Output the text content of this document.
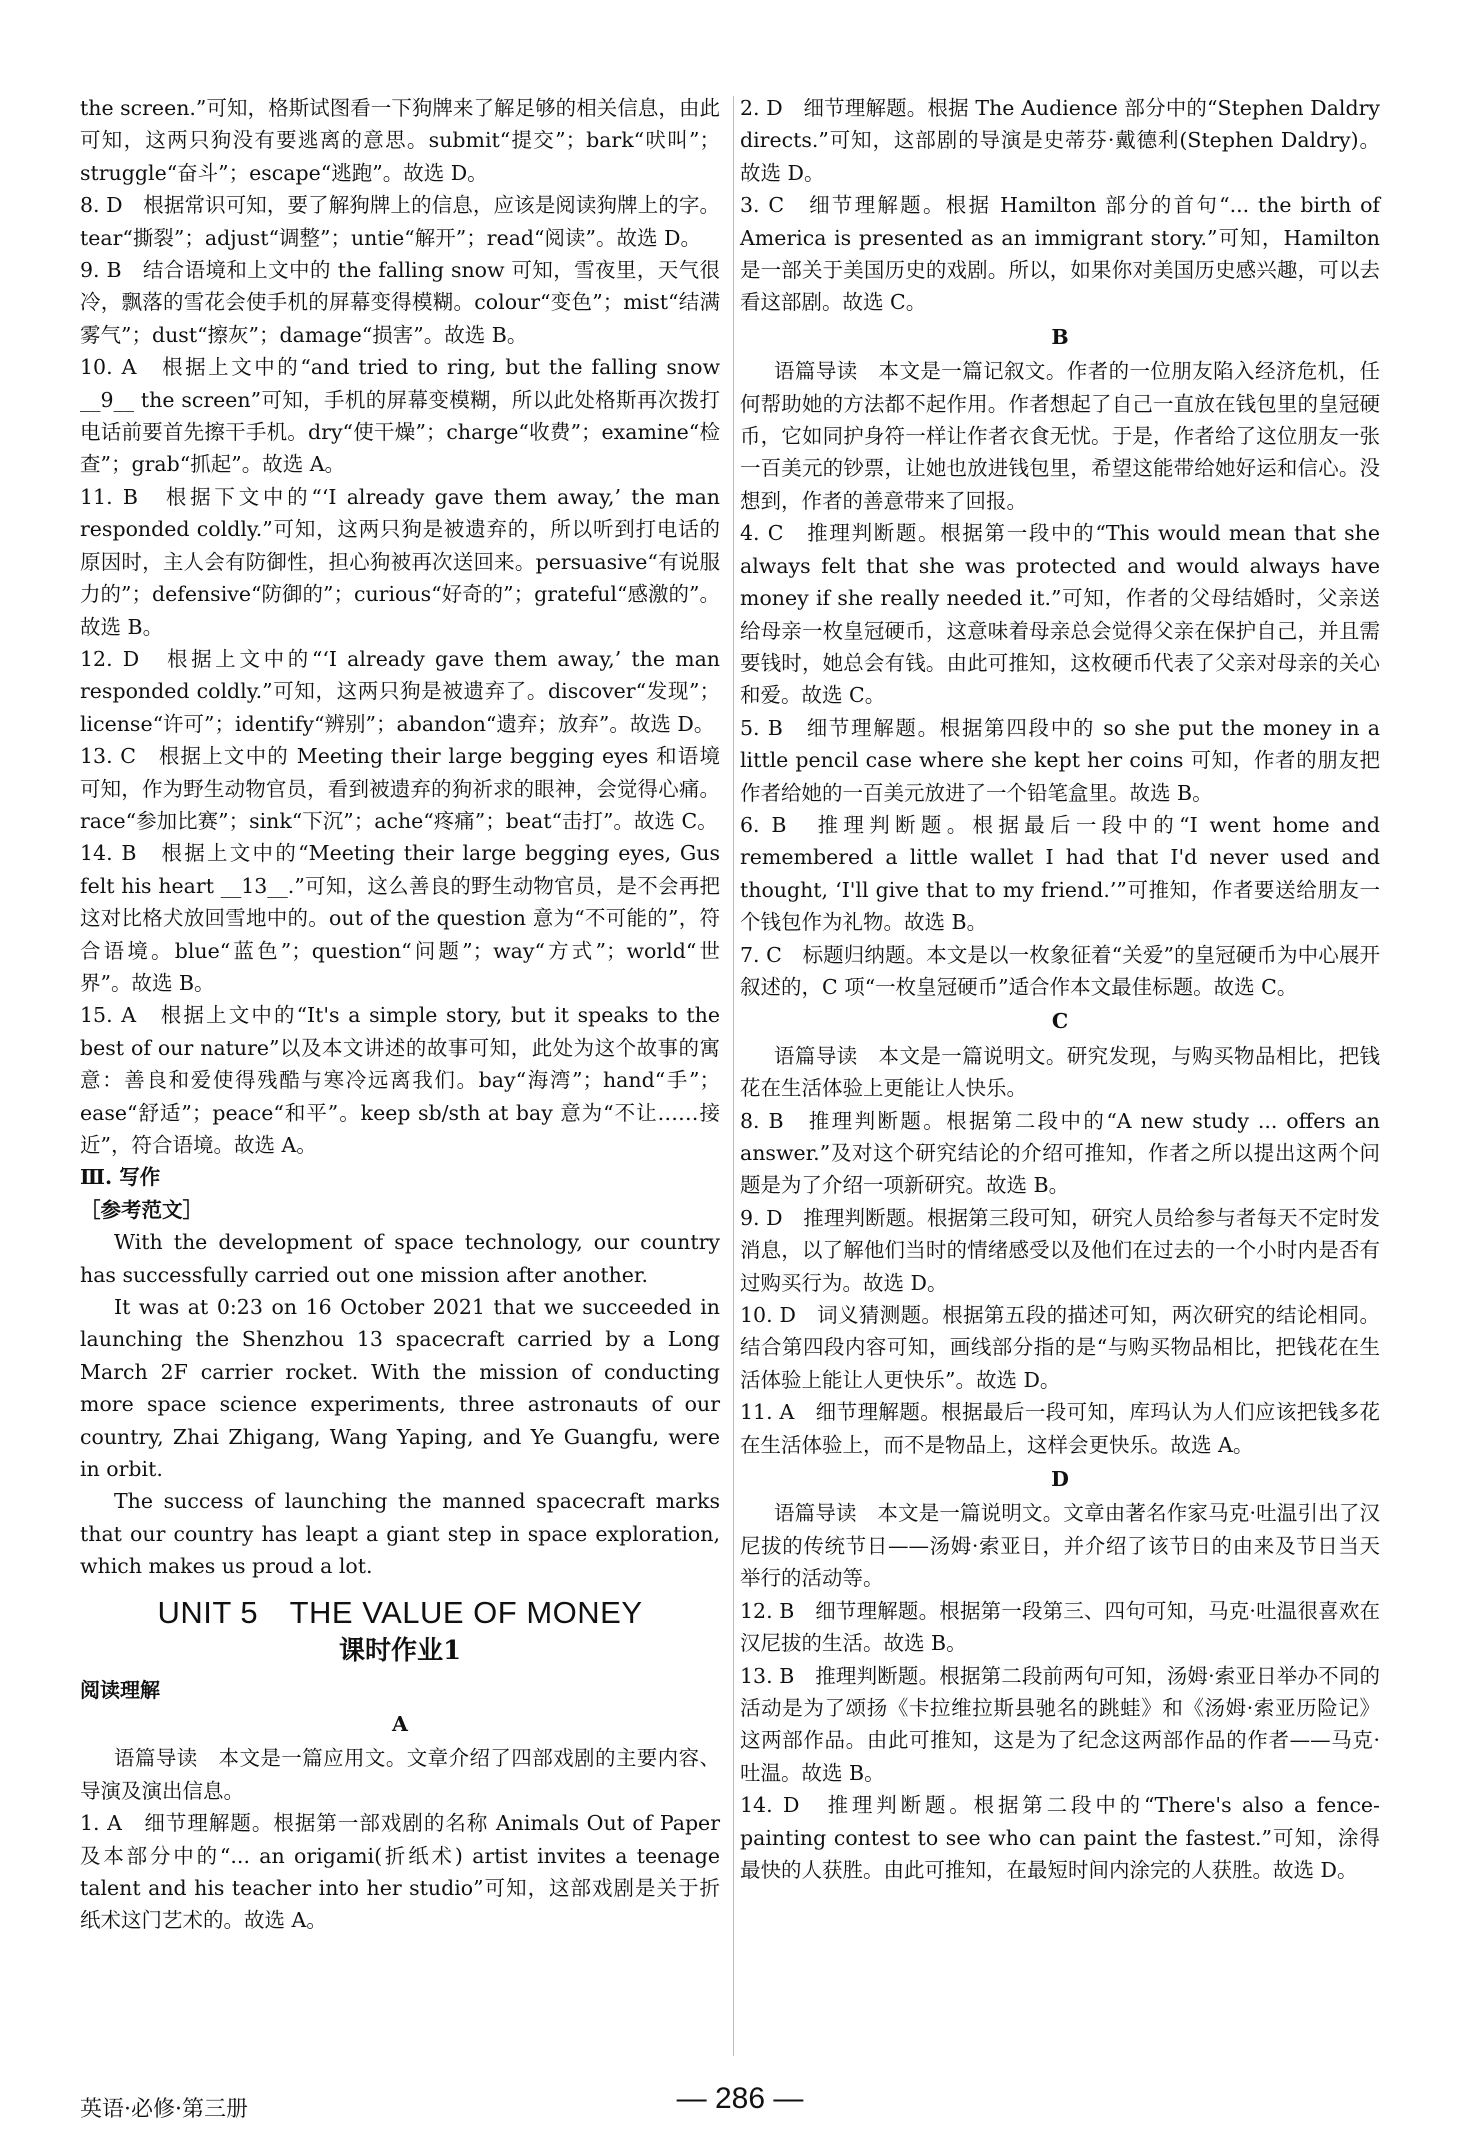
the screen.”可知，格斯试图看一下狗牌来了解足够的相关信息，由此可知，这两只狗没有要逃离的意思。submit“提交”；bark“吠叫”；struggle“奋斗”；escape“逃跑”。故选 D。

8. D　根据常识可知，要了解狗牌上的信息，应该是阅读狗牌上的字。tear“撕裂”；adjust“调整”；untie“解开”；read“阅读”。故选 D。

9. B　结合语境和上文中的 the falling snow 可知，雪夜里，天气很冷，飘落的雪花会使手机的屏幕变得模糊。colour“变色”；mist“结满雾气”；dust“擦灰”；damage“损害”。故选 B。

10. A　根据上文中的“and tried to ring, but the falling snow __9__ the screen”可知，手机的屏幕变模糊，所以此处格斯再次拨打电话前要首先擦干手机。dry“使干燥”；charge“收费”；examine“检查”；grab“抓起”。故选 A。

11. B　根据下文中的“‘I already gave them away,’ the man responded coldly.”可知，这两只狗是被遗弃的，所以听到打电话的原因时，主人会有防御性，担心狗被再次送回来。persuasive“有说服力的”；defensive“防御的”；curious“好奇的”；grateful“感激的”。故选 B。

12. D　根据上文中的“‘I already gave them away,’ the man responded coldly.”可知，这两只狗是被遗弃了。discover“发现”；license“许可”；identify“辨别”；abandon“遗弃；放弃”。故选 D。

13. C　根据上文中的 Meeting their large begging eyes 和语境可知，作为野生动物官员，看到被遗弃的狗祈求的眼神，会觉得心痛。race“参加比赛”；sink“下沉”；ache“疼痛”；beat“击打”。故选 C。

14. B　根据上文中的“Meeting their large begging eyes, Gus felt his heart __13__.”可知，这么善良的野生动物官员，是不会再把这对比格犬放回雪地中的。out of the question 意为“不可能的”，符合语境。blue“蓝色”；question“问题”；way“方式”；world“世界”。故选 B。

15. A　根据上文中的“It's a simple story, but it speaks to the best of our nature”以及本文讲述的故事可知，此处为这个故事的寓意：善良和爱使得残酷与寒冷远离我们。bay“海湾”；hand“手”；ease“舒适”；peace“和平”。keep sb/sth at bay 意为“不让……接近”，符合语境。故选 A。

Ⅲ. 写作

［参考范文］

With the development of space technology, our country has successfully carried out one mission after another.

It was at 0:23 on 16 October 2021 that we succeeded in launching the Shenzhou 13 spacecraft carried by a Long March 2F carrier rocket. With the mission of conducting more space science experiments, three astronauts of our country, Zhai Zhigang, Wang Yaping, and Ye Guangfu, were in orbit.

The success of launching the manned spacecraft marks that our country has leapt a giant step in space exploration, which makes us proud a lot.

UNIT 5　THE VALUE OF MONEY
课时作业1
阅读理解
A

语篇导读　本文是一篇应用文。文章介绍了四部戏剧的主要内容、导演及演出信息。

1. A　细节理解题。根据第一部戏剧的名称 Animals Out of Paper 及本部分中的“... an origami(折纸术) artist invites a teenage talent and his teacher into her studio”可知，这部戏剧是关于折纸术这门艺术的。故选 A。

2. D　细节理解题。根据 The Audience 部分中的“Stephen Daldry directs.”可知，这部剧的导演是史蒂芬·戴德利(Stephen Daldry)。故选 D。

3. C　细节理解题。根据 Hamilton 部分的首句“... the birth of America is presented as an immigrant story.”可知，Hamilton 是一部关于美国历史的戏剧。所以，如果你对美国历史感兴趣，可以去看这部剧。故选 C。

B

语篇导读　本文是一篇记叙文。作者的一位朋友陷入经济危机，任何帮助她的方法都不起作用。作者想起了自己一直放在钱包里的皇冠硬币，它如同护身符一样让作者衣食无忧。于是，作者给了这位朋友一张一百美元的钞票，让她也放进钱包里，希望这能带给她好运和信心。没想到，作者的善意带来了回报。

4. C　推理判断题。根据第一段中的“This would mean that she always felt that she was protected and would always have money if she really needed it.”可知，作者的父母结婚时，父亲送给母亲一枚皇冠硬币，这意味着母亲总会觉得父亲在保护自己，并且需要钱时，她总会有钱。由此可推知，这枚硬币代表了父亲对母亲的关心和爱。故选 C。

5. B　细节理解题。根据第四段中的 so she put the money in a little pencil case where she kept her coins 可知，作者的朋友把作者给她的一百美元放进了一个铅笔盒里。故选 B。

6. B　推理判断题。根据最后一段中的“I went home and remembered a little wallet I had that I'd never used and thought, ‘I'll give that to my friend.’”可推知，作者要送给朋友一个钱包作为礼物。故选 B。

7. C　标题归纳题。本文是以一枚象征着“关爱”的皇冠硬币为中心展开叙述的，C 项“一枚皇冠硬币”适合作本文最佳标题。故选 C。

C

语篇导读　本文是一篇说明文。研究发现，与购买物品相比，把钱花在生活体验上更能让人快乐。

8. B　推理判断题。根据第二段中的“A new study ... offers an answer.”及对这个研究结论的介绍可推知，作者之所以提出这两个问题是为了介绍一项新研究。故选 B。

9. D　推理判断题。根据第三段可知，研究人员给参与者每天不定时发消息，以了解他们当时的情绪感受以及他们在过去的一个小时内是否有过购买行为。故选 D。

10. D　词义猜测题。根据第五段的描述可知，两次研究的结论相同。结合第四段内容可知，画线部分指的是“与购买物品相比，把钱花在生活体验上能让人更快乐”。故选 D。

11. A　细节理解题。根据最后一段可知，库玛认为人们应该把钱多花在生活体验上，而不是物品上，这样会更快乐。故选 A。

D

语篇导读　本文是一篇说明文。文章由著名作家马克·吐温引出了汉尼拔的传统节日——汤姆·索亚日，并介绍了该节日的由来及节日当天举行的活动等。

12. B　细节理解题。根据第一段第三、四句可知，马克·吐温很喜欢在汉尼拔的生活。故选 B。

13. B　推理判断题。根据第二段前两句可知，汤姆·索亚日举办不同的活动是为了颂扬《卡拉维拉斯县驰名的跳蛙》和《汤姆·索亚历险记》这两部作品。由此可推知，这是为了纪念这两部作品的作者——马克·吐温。故选 B。

14. D　推理判断题。根据第二段中的“There's also a fence-painting contest to see who can paint the fastest.”可知，涂得最快的人获胜。由此可推知，在最短时间内涂完的人获胜。故选 D。

英语·必修·第三册	— 286 —
